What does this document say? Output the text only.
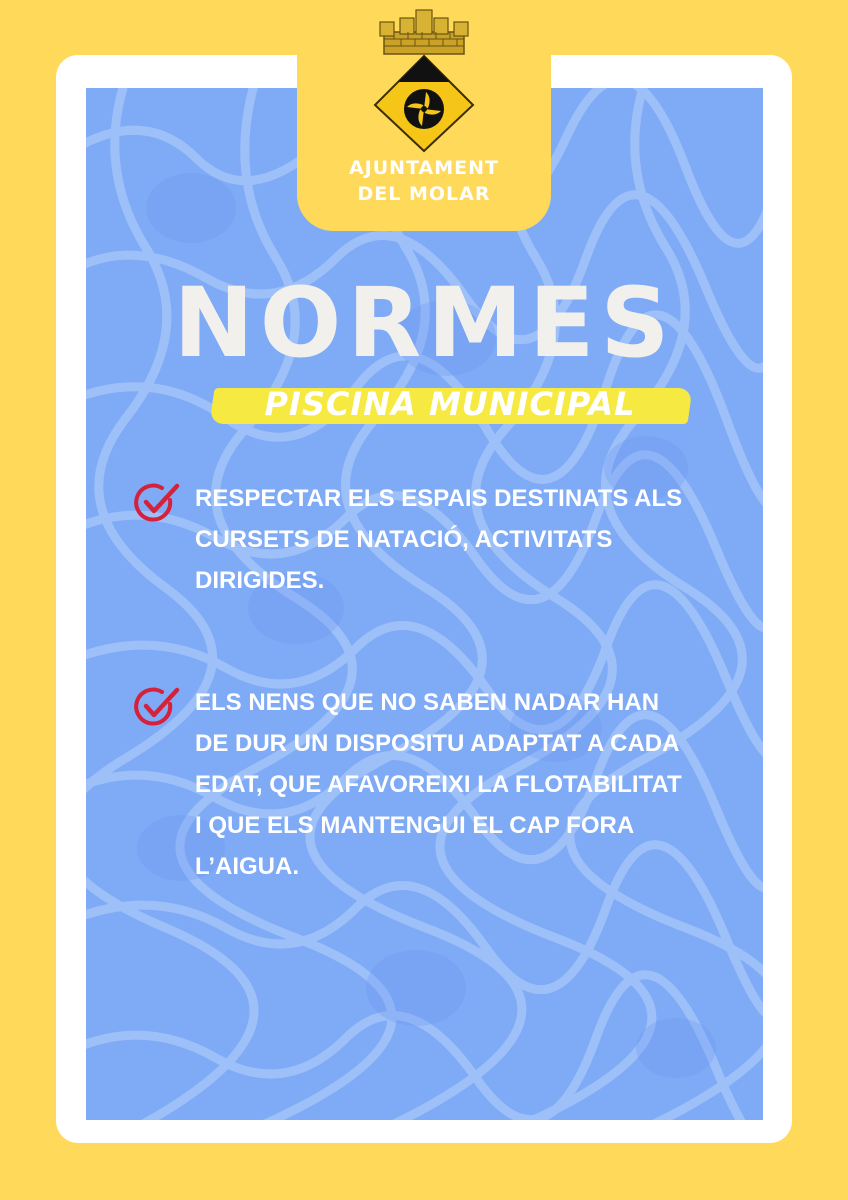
AJUNTAMENT
DEL MOLAR
NORMES
PISCINA MUNICIPAL
RESPECTAR ELS ESPAIS DESTINATS ALS
CURSETS DE NATACIÓ, ACTIVITATS
DIRIGIDES.
ELS NENS QUE NO SABEN NADAR HAN
DE DUR UN DISPOSITU ADAPTAT A CADA
EDAT, QUE AFAVOREIXI LA FLOTABILITAT
I QUE ELS MANTENGUI EL CAP FORA
L’AIGUA.
